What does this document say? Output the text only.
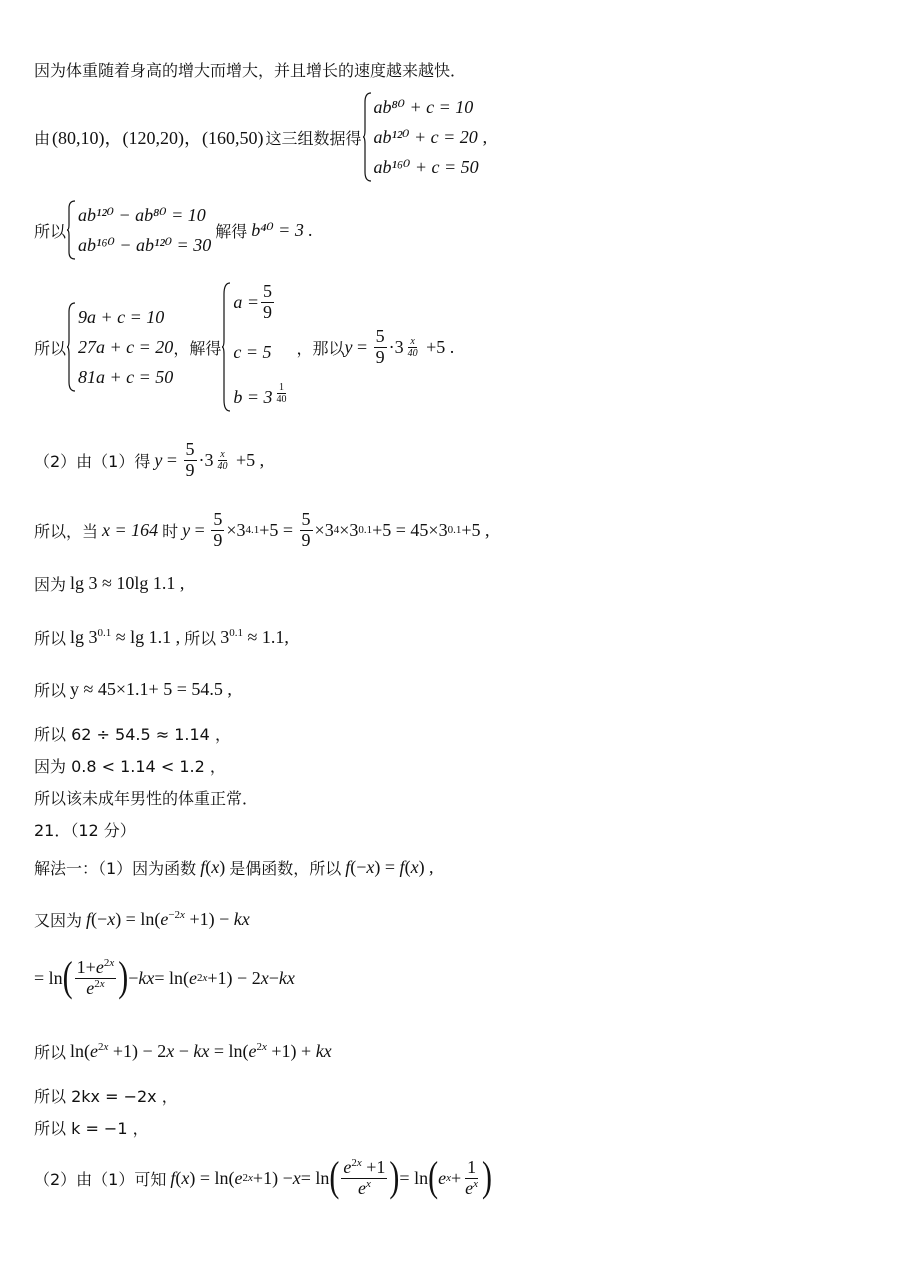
因为体重随着身高的增大而增大，并且增长的速度越来越快．
由 (80,10)，(120,20)，(160,50) 这三组数据得
ab⁸⁰ + c = 10
ab¹²⁰ + c = 20
ab¹⁶⁰ + c = 50
,
所以
ab¹²⁰ − ab⁸⁰ = 10
ab¹⁶⁰ − ab¹²⁰ = 30
解得 b⁴⁰ = 3 .
所以
9a + c = 10
27a + c = 20
81a + c = 50
，解得
$a = \frac{5}{9}$
c = 5
b = 3 $^{\frac{1}{40}}$
，那以 $y = \frac{5}{9} \cdot 3 \frac{x}{40} +5$ .
（2）由（1）得 $y = \frac{5}{9} \cdot 3 \frac{x}{40} +5$ ,
所以，当 x = 164 时 $y = \frac{5}{9} \times 3$ $4.1 +5 = \frac{5}{9} \times 3$ 4 ×3 0.1 +5 = 45×3 0.1 +5 ,
因为 lg 3 ≈ 10lg 1.1 ,
所以 $\lg 3^{0.1} \approx \lg 1.1$ , 所以 $3^{0.1} \approx 1.1$,
所以 y ≈ 45×1.1+ 5 = 54.5 ,
所以 62 ÷ 54.5 ≈ 1.14 ，
因为 0.8 < 1.14 < 1.2 ，
所以该未成年男性的体重正常．
21．（12 分）
解法一：（1）因为函数 f(x) 是偶函数，所以 f(−x) = f(x) ,
又因为 $f(-x) = \ln(e^{-2x} +1)$ − kx
= ln ( $\frac{1+e^{2x}}{e^{2x}}$ ) − kx = ln( e 2x +1) − 2 x − kx
所以 $\ln(e^{2x} +1) - 2x$ − kx = $\ln(e^{2x} +1)$ + kx
所以 2kx = −2x ，
所以 k = −1 ，
（2）由（1）可知 f ( x ) = ln( e 2x +1) − x = ln ( $\frac{e^{2x} +1}{e^x}$ ) = ln ( e $x + \frac{1}{e^x}$ )
